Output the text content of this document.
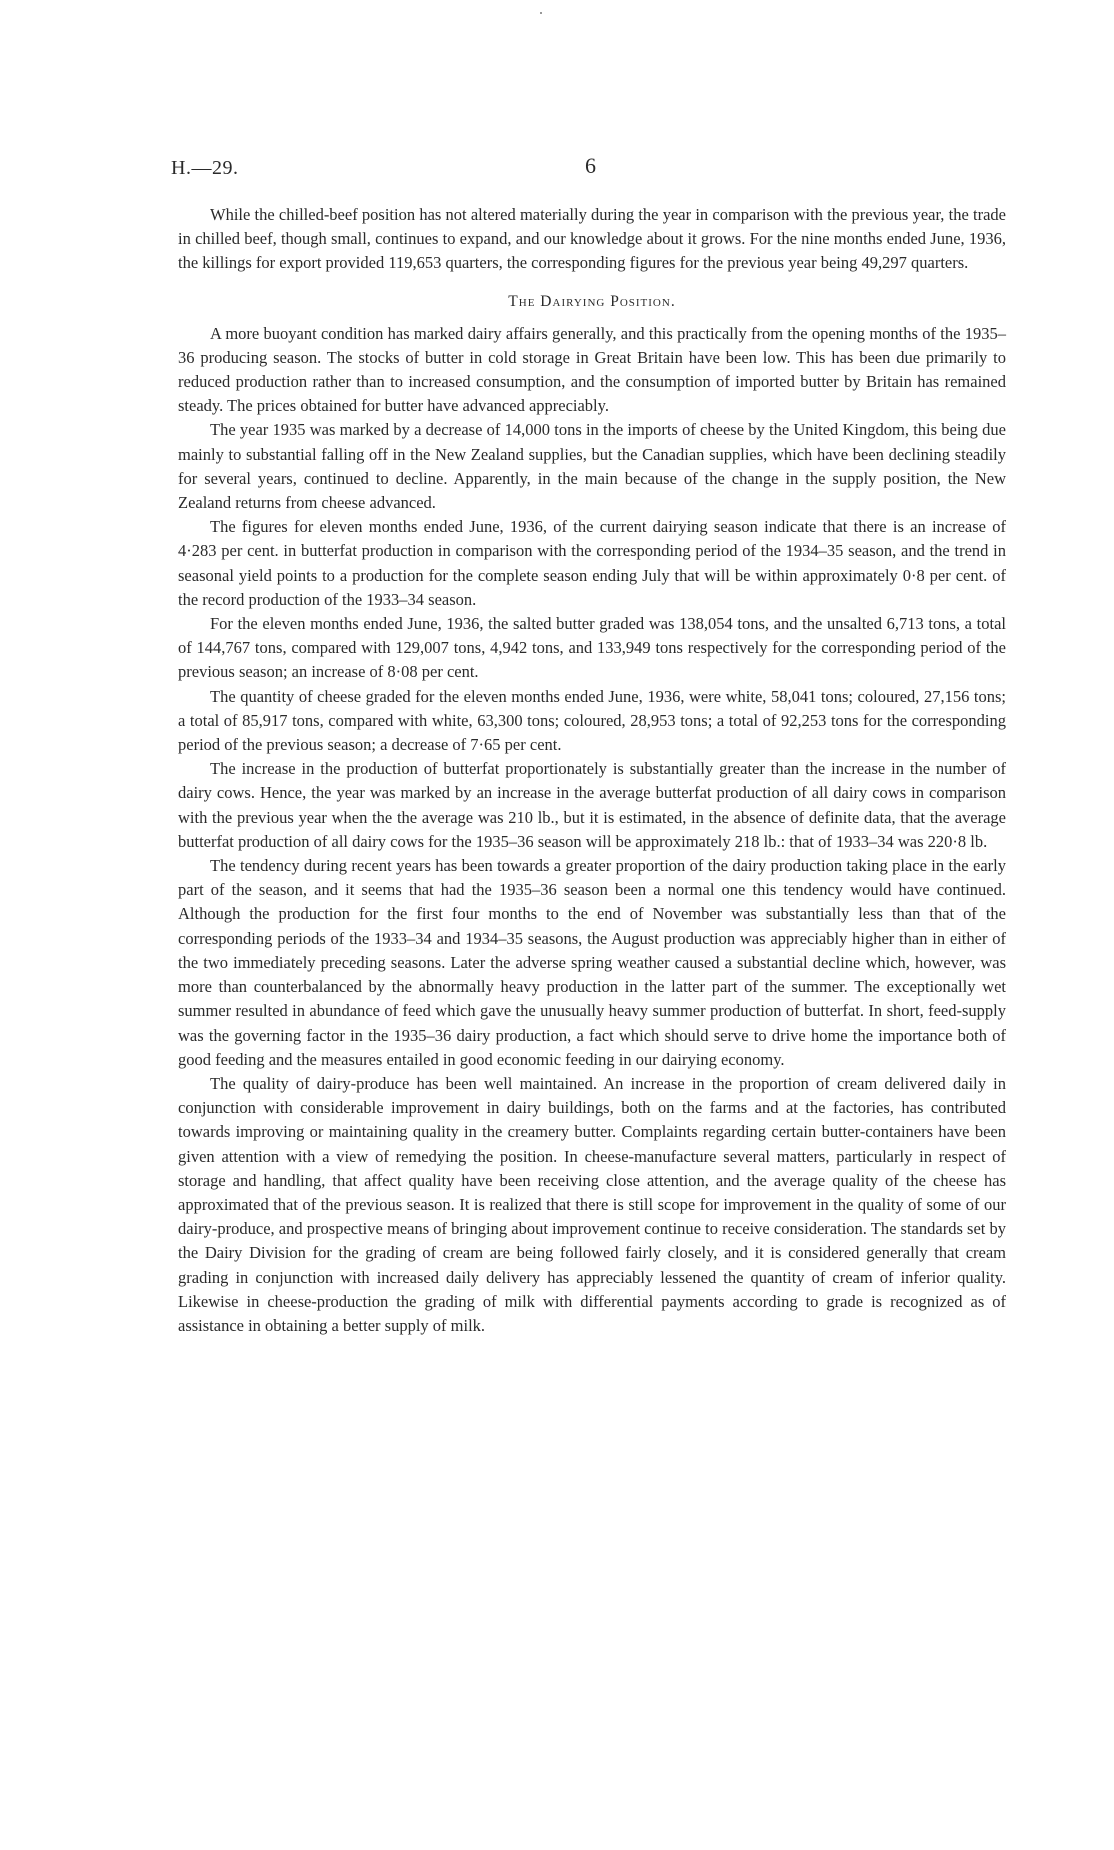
H.—29.	6

While the chilled-beef position has not altered materially during the year in comparison with the previous year, the trade in chilled beef, though small, continues to expand, and our knowledge about it grows. For the nine months ended June, 1936, the killings for export provided 119,653 quarters, the corresponding figures for the previous year being 49,297 quarters.

The Dairying Position.

A more buoyant condition has marked dairy affairs generally, and this practically from the opening months of the 1935–36 producing season. The stocks of butter in cold storage in Great Britain have been low. This has been due primarily to reduced production rather than to increased consumption, and the consumption of imported butter by Britain has remained steady. The prices obtained for butter have advanced appreciably.

The year 1935 was marked by a decrease of 14,000 tons in the imports of cheese by the United Kingdom, this being due mainly to substantial falling off in the New Zealand supplies, but the Canadian supplies, which have been declining steadily for several years, continued to decline. Apparently, in the main because of the change in the supply position, the New Zealand returns from cheese advanced.

The figures for eleven months ended June, 1936, of the current dairying season indicate that there is an increase of 4·283 per cent. in butterfat production in comparison with the corresponding period of the 1934–35 season, and the trend in seasonal yield points to a production for the complete season ending July that will be within approximately 0·8 per cent. of the record production of the 1933–34 season.

For the eleven months ended June, 1936, the salted butter graded was 138,054 tons, and the unsalted 6,713 tons, a total of 144,767 tons, compared with 129,007 tons, 4,942 tons, and 133,949 tons respectively for the corresponding period of the previous season; an increase of 8·08 per cent.

The quantity of cheese graded for the eleven months ended June, 1936, were white, 58,041 tons; coloured, 27,156 tons; a total of 85,917 tons, compared with white, 63,300 tons; coloured, 28,953 tons; a total of 92,253 tons for the corresponding period of the previous season; a decrease of 7·65 per cent.

The increase in the production of butterfat proportionately is substantially greater than the increase in the number of dairy cows. Hence, the year was marked by an increase in the average butterfat production of all dairy cows in comparison with the previous year when the the average was 210 lb., but it is estimated, in the absence of definite data, that the average butterfat production of all dairy cows for the 1935–36 season will be approximately 218 lb.: that of 1933–34 was 220·8 lb.

The tendency during recent years has been towards a greater proportion of the dairy production taking place in the early part of the season, and it seems that had the 1935–36 season been a normal one this tendency would have continued. Although the production for the first four months to the end of November was substantially less than that of the corresponding periods of the 1933–34 and 1934–35 seasons, the August production was appreciably higher than in either of the two immediately preceding seasons. Later the adverse spring weather caused a substantial decline which, however, was more than counterbalanced by the abnormally heavy production in the latter part of the summer. The exceptionally wet summer resulted in abundance of feed which gave the unusually heavy summer production of butterfat. In short, feed-supply was the governing factor in the 1935–36 dairy production, a fact which should serve to drive home the importance both of good feeding and the measures entailed in good economic feeding in our dairying economy.

The quality of dairy-produce has been well maintained. An increase in the proportion of cream delivered daily in conjunction with considerable improvement in dairy buildings, both on the farms and at the factories, has contributed towards improving or maintaining quality in the creamery butter. Complaints regarding certain butter-containers have been given attention with a view of remedying the position. In cheese-manufacture several matters, particularly in respect of storage and handling, that affect quality have been receiving close attention, and the average quality of the cheese has approximated that of the previous season. It is realized that there is still scope for improvement in the quality of some of our dairy-produce, and prospective means of bringing about improvement continue to receive consideration. The standards set by the Dairy Division for the grading of cream are being followed fairly closely, and it is considered generally that cream grading in conjunction with increased daily delivery has appreciably lessened the quantity of cream of inferior quality. Likewise in cheese-production the grading of milk with differential payments according to grade is recognized as of assistance in obtaining a better supply of milk.
